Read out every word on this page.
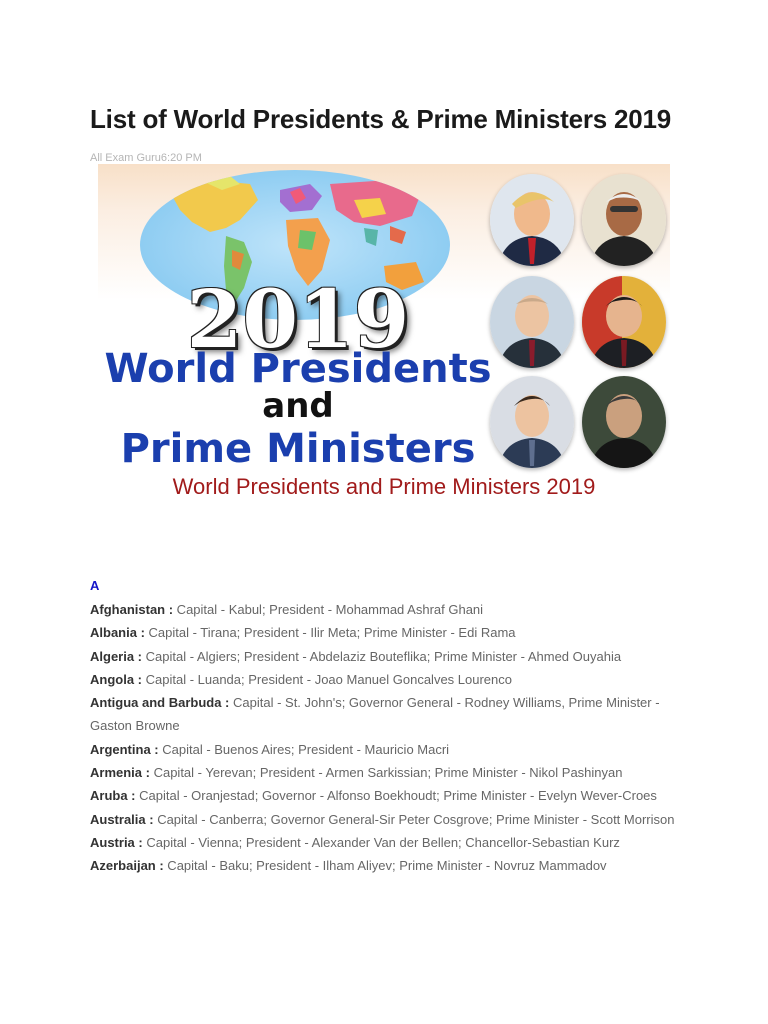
List of World Presidents & Prime Ministers 2019
All Exam Guru6:20 PM
2019
World Presidents
and
Prime Ministers
World Presidents and Prime Ministers 2019
A
Afghanistan : Capital - Kabul; President - Mohammad Ashraf Ghani
Albania : Capital - Tirana; President - Ilir Meta; Prime Minister - Edi Rama
Algeria : Capital - Algiers; President - Abdelaziz Bouteflika; Prime Minister - Ahmed Ouyahia
Angola : Capital - Luanda; President - Joao Manuel Goncalves Lourenco
Antigua and Barbuda : Capital - St. John's; Governor General - Rodney Williams, Prime Minister - Gaston Browne
Argentina : Capital - Buenos Aires; President - Mauricio Macri
Armenia : Capital - Yerevan; President - Armen Sarkissian; Prime Minister - Nikol Pashinyan
Aruba : Capital - Oranjestad; Governor - Alfonso Boekhoudt; Prime Minister - Evelyn Wever-Croes
Australia : Capital - Canberra; Governor General-Sir Peter Cosgrove; Prime Minister - Scott Morrison
Austria : Capital - Vienna; President - Alexander Van der Bellen; Chancellor-Sebastian Kurz
Azerbaijan : Capital - Baku; President - Ilham Aliyev; Prime Minister - Novruz Mammadov
